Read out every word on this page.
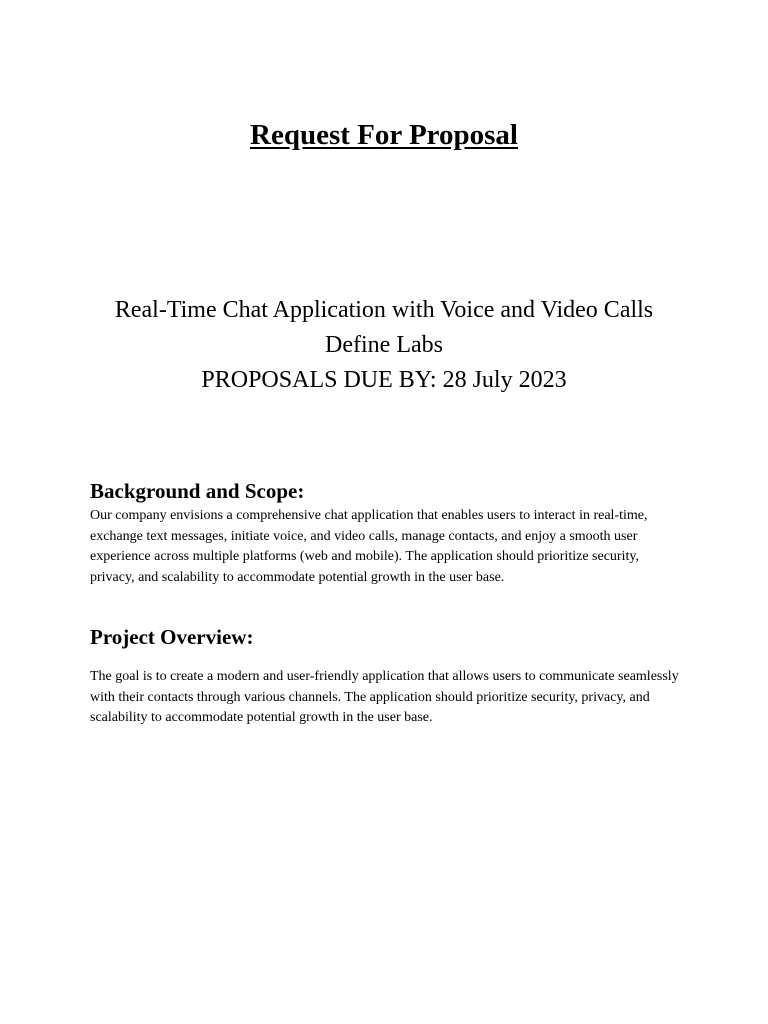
Request For Proposal
Real-Time Chat Application with Voice and Video Calls
Define Labs
PROPOSALS DUE BY: 28 July 2023
Background and Scope:

Our company envisions a comprehensive chat application that enables users to interact in real-time, exchange text messages, initiate voice, and video calls, manage contacts, and enjoy a smooth user experience across multiple platforms (web and mobile). The application should prioritize security, privacy, and scalability to accommodate potential growth in the user base.

Project Overview:

The goal is to create a modern and user-friendly application that allows users to communicate seamlessly with their contacts through various channels. The application should prioritize security, privacy, and scalability to accommodate potential growth in the user base.
